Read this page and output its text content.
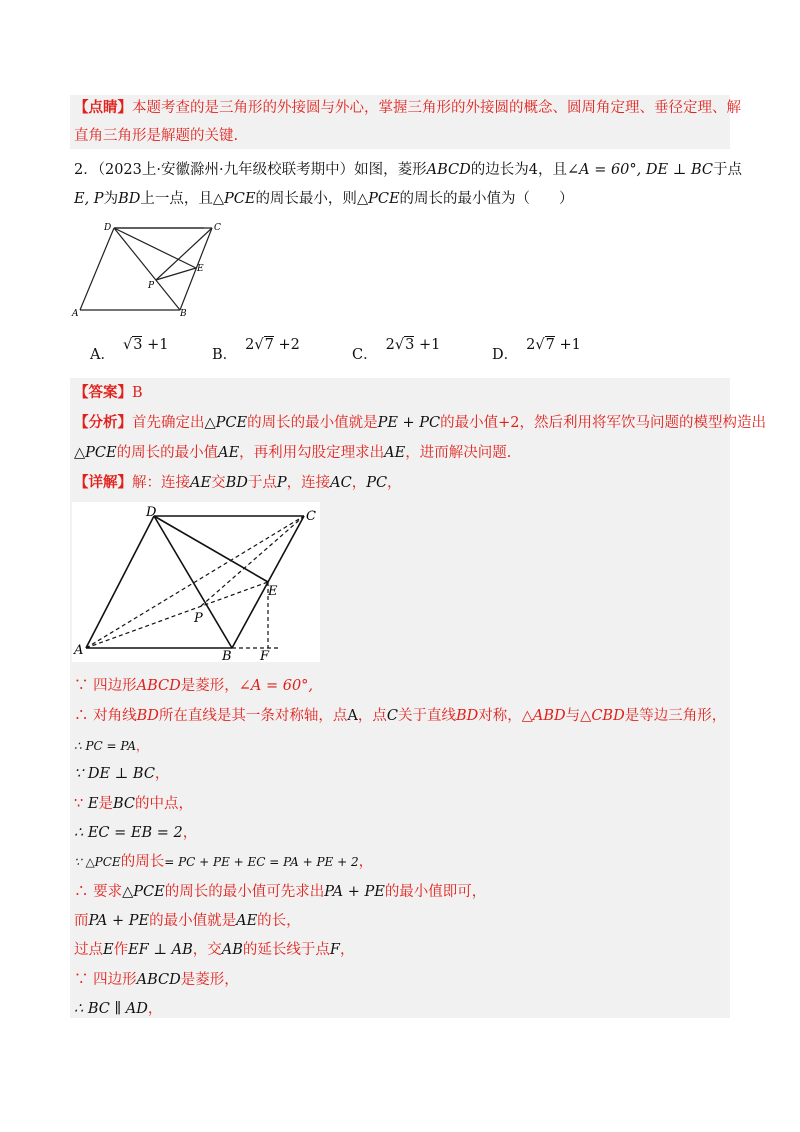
【点睛】本题考查的是三角形的外接圆与外心，掌握三角形的外接圆的概念、圆周角定理、垂径定理、解
直角三角形是解题的关键.
2．（2023上·安徽滁州·九年级校联考期中）如图，菱形ABCD的边长为4，且∠A = 60°, DE ⊥ BC于点
E, P为BD上一点，且△PCE的周长最小，则△PCE的周长的最小值为（　　）
D	C
E
P
A	B
A．√3 +1
B．2√7 +2
C．2√3 +1
D．2√7 +1
【答案】B
【分析】首先确定出△PCE的周长的最小值就是PE + PC的最小值+2，然后利用将军饮马问题的模型构造出
△PCE的周长的最小值AE，再利用勾股定理求出AE，进而解决问题.
【详解】解：连接AE交BD于点P，连接AC，PC，
D	C
E
P
A	B F
∵ 四边形ABCD是菱形，∠A = 60°,
∴ 对角线BD所在直线是其一条对称轴，点A，点C关于直线BD对称，△ABD与△CBD是等边三角形，
∴ PC = PA，
∵ DE ⊥ BC，
∵ E是BC的中点，
∴ EC = EB = 2，
∵ △PCE的周长= PC + PE + EC = PA + PE + 2，
∴ 要求△PCE的周长的最小值可先求出PA + PE的最小值即可，
而PA + PE的最小值就是AE的长，
过点E作EF ⊥ AB，交AB的延长线于点F，
∵ 四边形ABCD是菱形，
∴ BC ∥ AD，
